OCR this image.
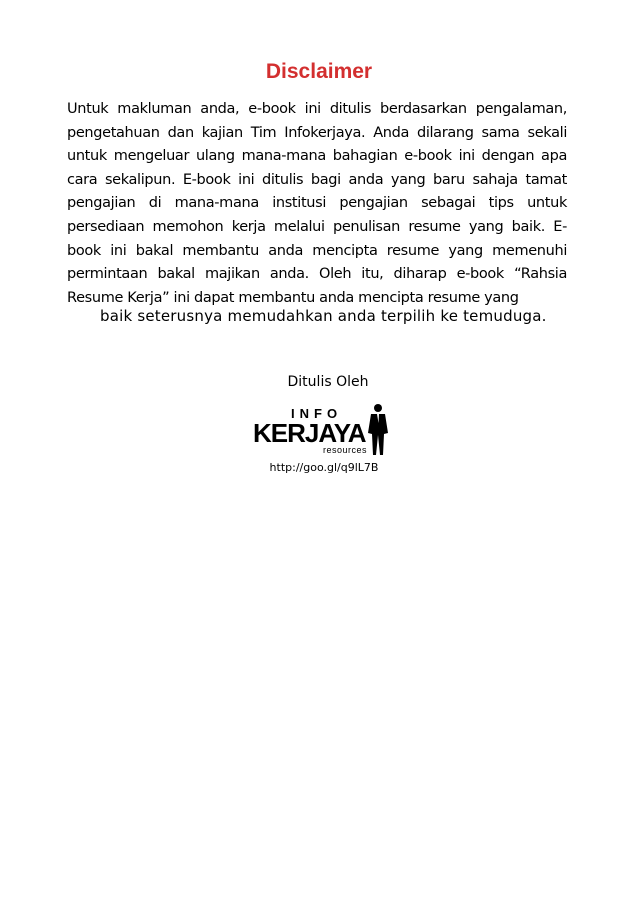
Disclaimer
Untuk makluman anda, e-book ini ditulis berdasarkan pengalaman,
pengetahuan dan kajian Tim Infokerjaya. Anda dilarang sama sekali
untuk mengeluar ulang mana-mana bahagian e-book ini dengan apa
cara sekalipun. E-book ini ditulis bagi anda yang baru sahaja tamat
pengajian di mana-mana institusi pengajian sebagai tips untuk
persediaan memohon kerja melalui penulisan resume yang baik. E-
book ini bakal membantu anda mencipta resume yang memenuhi
permintaan bakal majikan anda. Oleh itu, diharap e-book “Rahsia
Resume Kerja” ini dapat membantu anda mencipta resume yang
baik seterusnya memudahkan anda terpilih ke temuduga.
Ditulis Oleh
INFO
KERJAYA
resources
http://goo.gl/q9lL7B
